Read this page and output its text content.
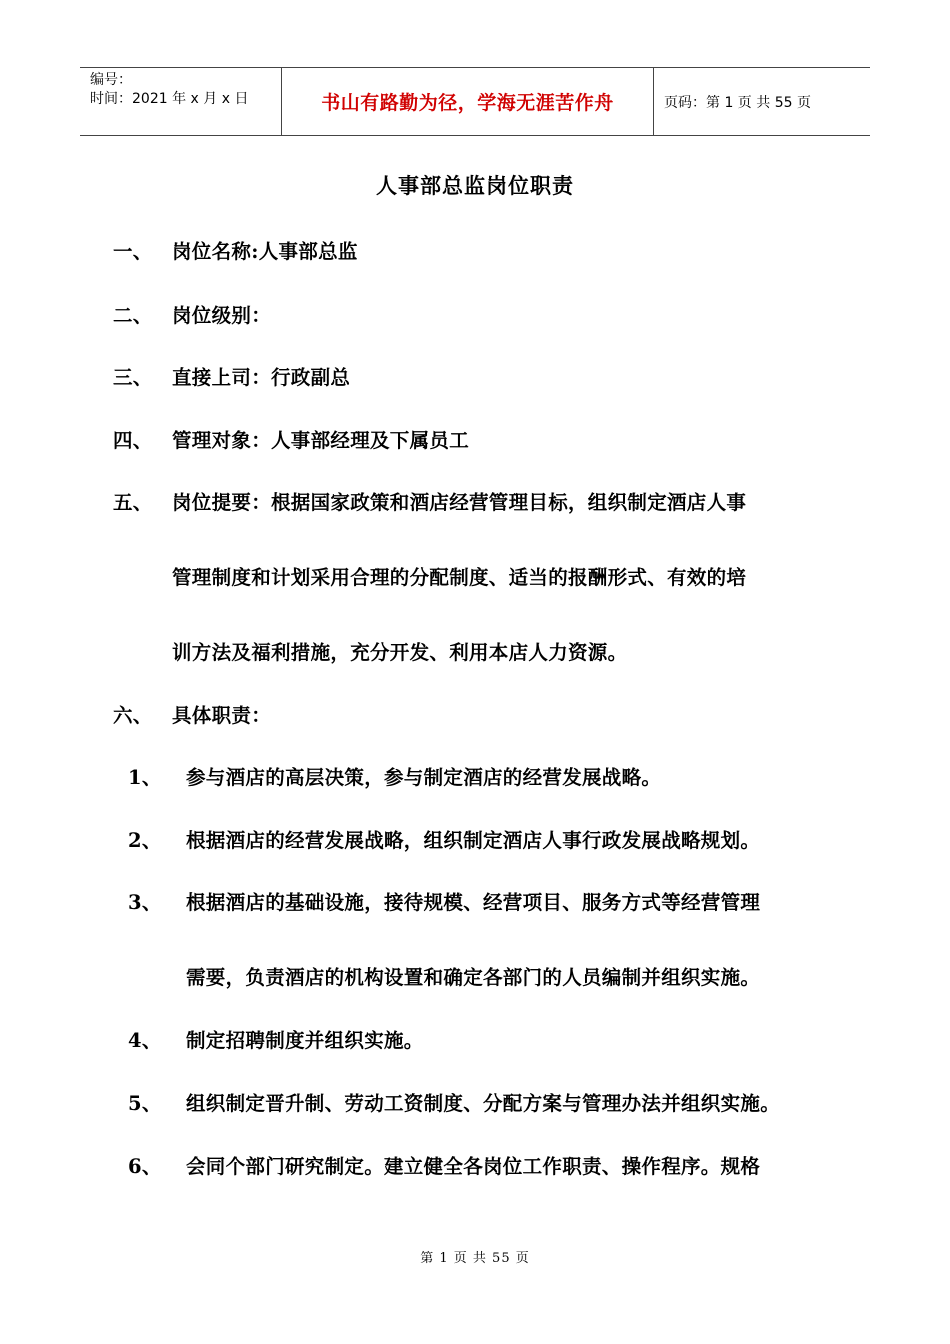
编号：
时间：2021 年 x 月 x 日	书山有路勤为径，学海无涯苦作舟	页码：第 1 页 共 55 页
人事部总监岗位职责
一、 岗位名称:人事部总监
二、 岗位级别：
三、 直接上司：行政副总
四、 管理对象：人事部经理及下属员工
五、 岗位提要：根据国家政策和酒店经营管理目标，组织制定酒店人事
管理制度和计划采用合理的分配制度、适当的报酬形式、有效的培
训方法及福利措施，充分开发、利用本店人力资源。
六、 具体职责：
1、 参与酒店的高层决策，参与制定酒店的经营发展战略。
2、 根据酒店的经营发展战略，组织制定酒店人事行政发展战略规划。
3、 根据酒店的基础设施，接待规模、经营项目、服务方式等经营管理
需要，负责酒店的机构设置和确定各部门的人员编制并组织实施。
4、 制定招聘制度并组织实施。
5、 组织制定晋升制、劳动工资制度、分配方案与管理办法并组织实施。
6、 会同个部门研究制定。建立健全各岗位工作职责、操作程序。规格
第 1 页 共 55 页
